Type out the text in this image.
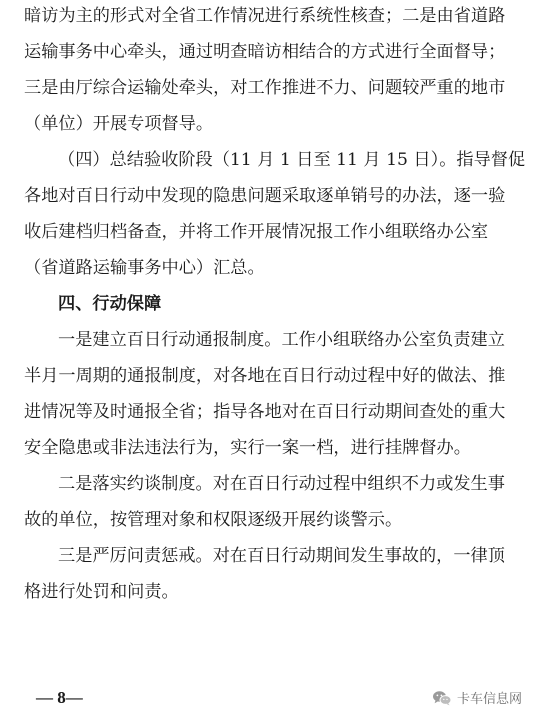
暗访为主的形式对全省工作情况进行系统性核查；二是由省道路
运输事务中心牵头，通过明查暗访相结合的方式进行全面督导；
三是由厅综合运输处牵头，对工作推进不力、问题较严重的地市
（单位）开展专项督导。
（四）总结验收阶段（11 月 1 日至 11 月 15 日）。指导督促
各地对百日行动中发现的隐患问题采取逐单销号的办法，逐一验
收后建档归档备查，并将工作开展情况报工作小组联络办公室
（省道路运输事务中心）汇总。
四、行动保障
一是建立百日行动通报制度。工作小组联络办公室负责建立
半月一周期的通报制度，对各地在百日行动过程中好的做法、推
进情况等及时通报全省；指导各地对在百日行动期间查处的重大
安全隐患或非法违法行为，实行一案一档，进行挂牌督办。
二是落实约谈制度。对在百日行动过程中组织不力或发生事
故的单位，按管理对象和权限逐级开展约谈警示。
三是严厉问责惩戒。对在百日行动期间发生事故的，一律顶
格进行处罚和问责。
— 8—	卡车信息网
